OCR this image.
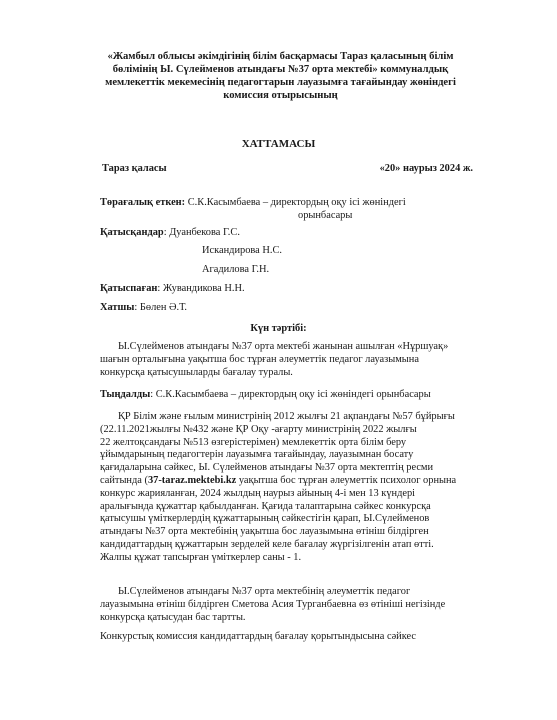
«Жамбыл облысы әкімдігінің білім басқармасы Тараз қаласының білім
бөлімінің Ы. Сүлейменов атындағы №37 орта мектебі» коммуналдық
мемлекеттік мекемесінің педагогтарын лауазымға тағайындау жөніндегі
комиссия отырысының
ХАТТАМАСЫ
Тараз қаласы	«20» наурыз 2024 ж.
Төрағалық еткен: С.К.Касымбаева – директордың оқу ісі жөніндегі
орынбасары
Қатысқандар: Дуанбекова Г.С.
Искандирова Н.С.
Агадилова Г.Н.
Қатыспаған: Жувандикова Н.Н.
Хатшы: Бөлен Ә.Т.
Күн тәртібі:
Ы.Сүлейменов атындағы №37 орта мектебі жанынан ашылған «Нұршуақ»
шағын орталығына уақытша бос тұрған әлеуметтік педагог лауазымына
конкурсқа қатысушыларды бағалау туралы.
Тыңдалды: С.К.Касымбаева – директордың оқу ісі жөніндегі орынбасары
ҚР Білім және ғылым министрінің 2012 жылғы 21 ақпандағы №57 бұйрығы
(22.11.2021жылғы №432 және ҚР Оқу -ағарту министрінің 2022 жылғы
22 желтоқсандағы №513 өзгерістерімен) мемлекеттік орта білім беру
ұйымдарының педагогтерін лауазымға тағайындау, лауазымнан босату
қағидаларына сәйкес, Ы. Сүлейменов атындағы №37 орта мектептің ресми
сайтында (37-taraz.mektebi.kz уақытша бос тұрған әлеуметтік психолог орнына
конкурс жарияланған, 2024 жылдың наурыз айының 4-і мен 13 күндері
аралығында құжаттар қабылданған. Қағида талаптарына сәйкес конкурсқа
қатысушы үміткерлердің құжаттарының сәйкестігін қарап, Ы.Сүлейменов
атындағы №37 орта мектебінің уақытша бос лауазымына өтініш білдірген
кандидаттардың құжаттарын зерделей келе бағалау жүргізілгенін атап өтті.
Жалпы құжат тапсырған үміткерлер саны - 1.
Ы.Сүлейменов атындағы №37 орта мектебінің әлеуметтік педагог
лауазымына өтініш білдірген Сметова Асия Турганбаевна өз өтініші негізінде
конкурсқа қатысудан бас тартты.
Конкурстық комиссия кандидаттардың бағалау қорытындысына сәйкес
